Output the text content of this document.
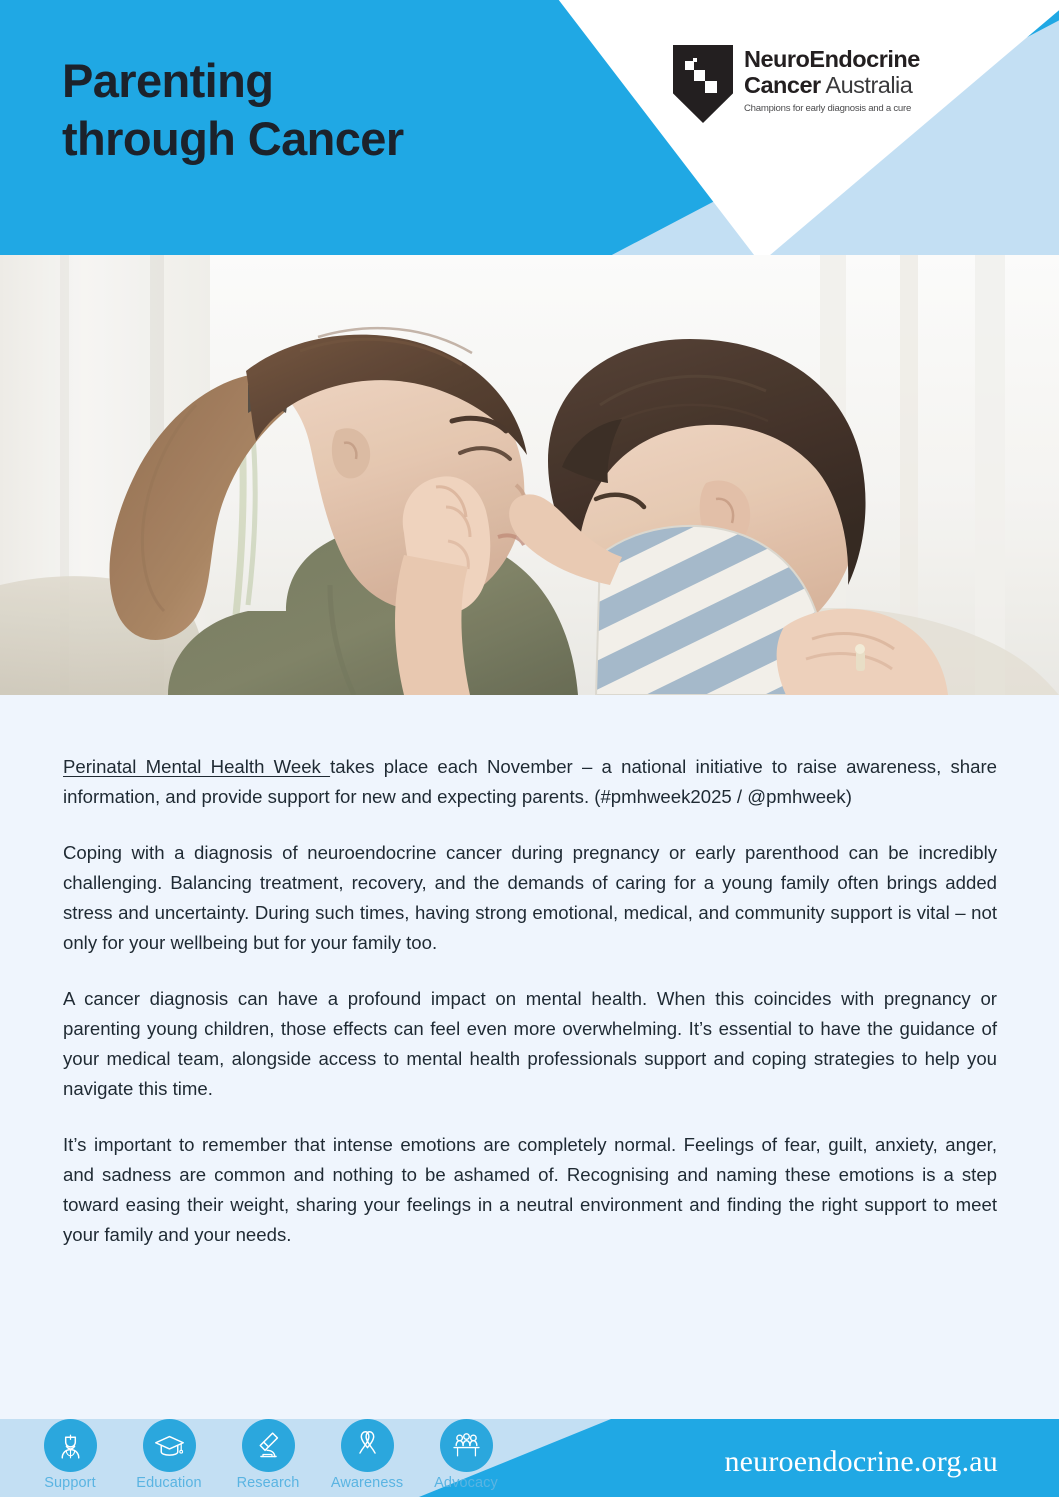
Parenting
through Cancer
NeuroEndocrine
Cancer Australia
Champions for early diagnosis and a cure

Perinatal Mental Health Week takes place each November – a national initiative to raise awareness, share information, and provide support for new and expecting parents. (#pmhweek2025 / @pmhweek)

Coping with a diagnosis of neuroendocrine cancer during pregnancy or early parenthood can be incredibly challenging. Balancing treatment, recovery, and the demands of caring for a young family often brings added stress and uncertainty. During such times, having strong emotional, medical, and community support is vital – not only for your wellbeing but for your family too.

A cancer diagnosis can have a profound impact on mental health. When this coincides with pregnancy or parenting young children, those effects can feel even more overwhelming. It’s essential to have the guidance of your medical team, alongside access to mental health professionals support and coping strategies to help you navigate this time.

It’s important to remember that intense emotions are completely normal. Feelings of fear, guilt, anxiety, anger, and sadness are common and nothing to be ashamed of. Recognising and naming these emotions is a step toward easing their weight, sharing your feelings in a neutral environment and finding the right support to meet your family and your needs.

Support	Education	Research	Awareness	Advocacy
neuroendocrine.org.au
